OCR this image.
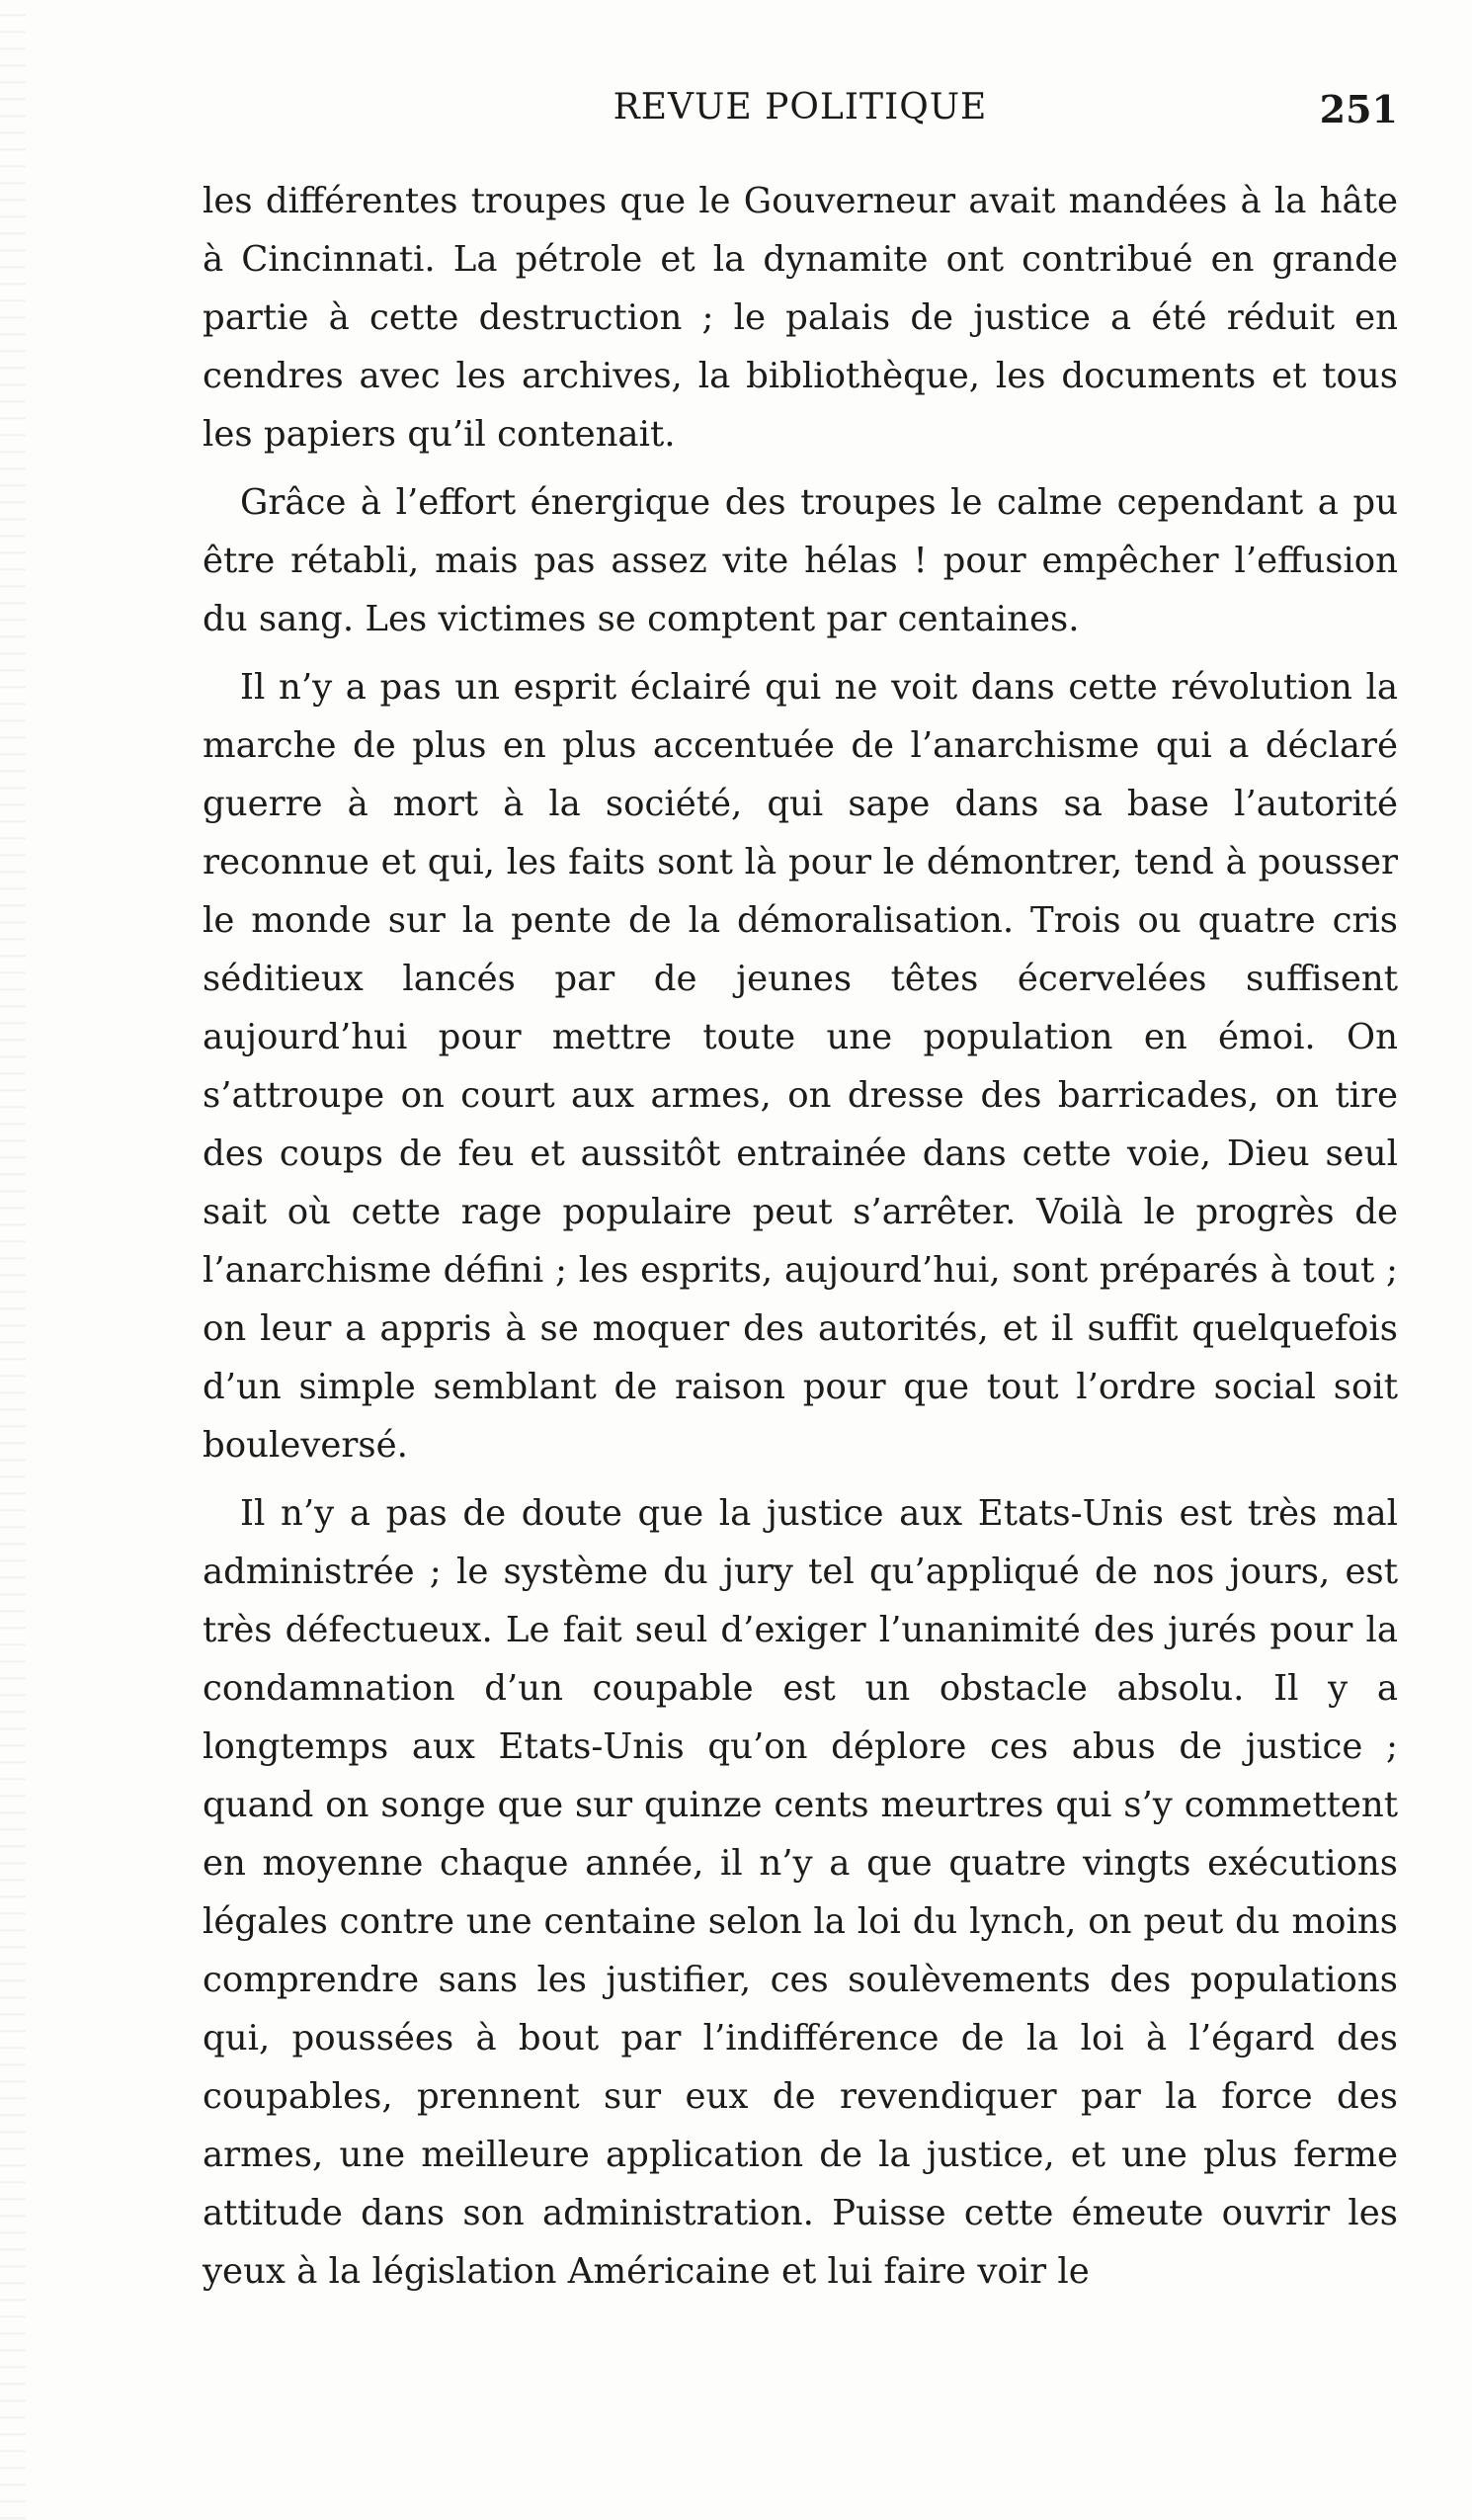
REVUE POLITIQUE	251

les différentes troupes que le Gouverneur avait mandées à la hâte à Cincinnati. La pétrole et la dynamite ont contribué en grande partie à cette destruction ; le palais de justice a été réduit en cendres avec les archives, la bibliothèque, les documents et tous les papiers qu’il contenait.

Grâce à l’effort énergique des troupes le calme cependant a pu être rétabli, mais pas assez vite hélas ! pour empêcher l’effusion du sang. Les victimes se comptent par centaines.

Il n’y a pas un esprit éclairé qui ne voit dans cette révolution la marche de plus en plus accentuée de l’anarchisme qui a déclaré guerre à mort à la société, qui sape dans sa base l’autorité reconnue et qui, les faits sont là pour le démontrer, tend à pousser le monde sur la pente de la démoralisation. Trois ou quatre cris séditieux lancés par de jeunes têtes écervelées suffisent aujourd’hui pour mettre toute une population en émoi. On s’attroupe on court aux armes, on dresse des barricades, on tire des coups de feu et aussitôt entrainée dans cette voie, Dieu seul sait où cette rage populaire peut s’arrêter. Voilà le progrès de l’anarchisme défini ; les esprits, aujourd’hui, sont préparés à tout ; on leur a appris à se moquer des autorités, et il suffit quelquefois d’un simple semblant de raison pour que tout l’ordre social soit bouleversé.

Il n’y a pas de doute que la justice aux Etats-Unis est très mal administrée ; le système du jury tel qu’appliqué de nos jours, est très défectueux. Le fait seul d’exiger l’unanimité des jurés pour la condamnation d’un coupable est un obstacle absolu. Il y a longtemps aux Etats-Unis qu’on déplore ces abus de justice ; quand on songe que sur quinze cents meurtres qui s’y commettent en moyenne chaque année, il n’y a que quatre vingts exécutions légales contre une centaine selon la loi du lynch, on peut du moins comprendre sans les justifier, ces soulèvements des populations qui, poussées à bout par l’indifférence de la loi à l’égard des coupables, prennent sur eux de revendiquer par la force des armes, une meilleure application de la justice, et une plus ferme attitude dans son administration. Puisse cette émeute ouvrir les yeux à la législation Américaine et lui faire voir le
